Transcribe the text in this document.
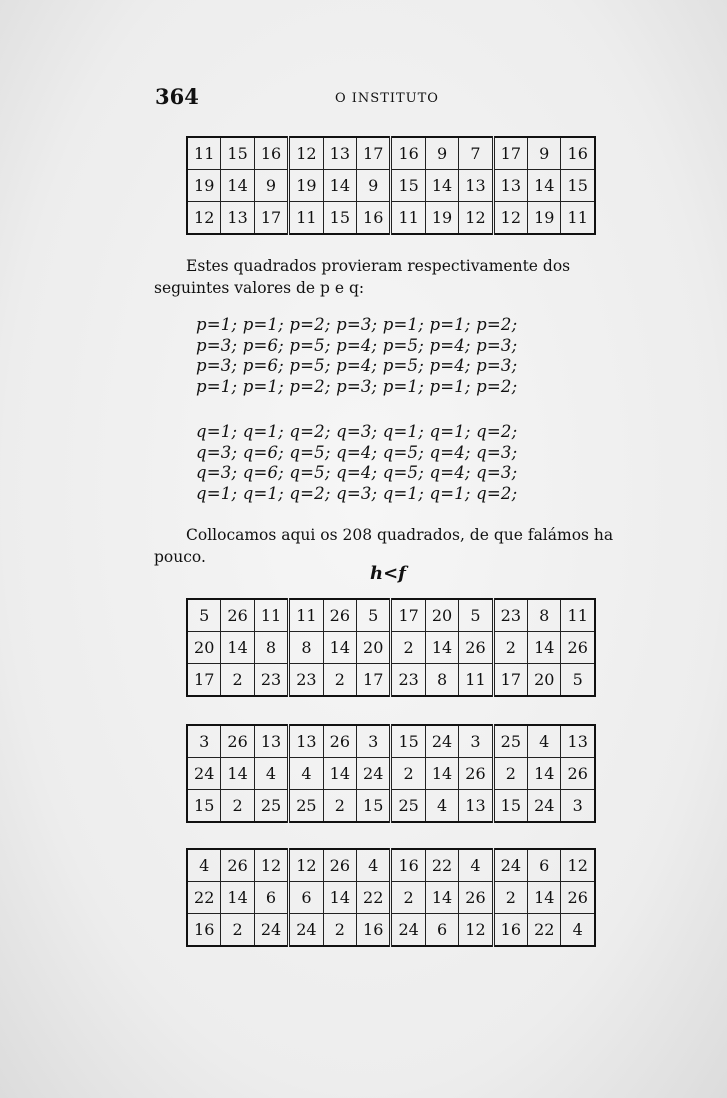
364	O INSTITUTO
11	15	16	12	13	17	16	9	7	17	9	16
19	14	9	19	14	9	15	14	13	13	14	15
12	13	17	11	15	16	11	19	12	12	19	11
Estes quadrados provieram respectivamente dos seguintes valores de p e q:
p=1; p=1; p=2; p=3; p=1; p=1; p=2;
p=3; p=6; p=5; p=4; p=5; p=4; p=3;
p=3; p=6; p=5; p=4; p=5; p=4; p=3;
p=1; p=1; p=2; p=3; p=1; p=1; p=2;
q=1; q=1; q=2; q=3; q=1; q=1; q=2;
q=3; q=6; q=5; q=4; q=5; q=4; q=3;
q=3; q=6; q=5; q=4; q=5; q=4; q=3;
q=1; q=1; q=2; q=3; q=1; q=1; q=2;
Collocamos aqui os 208 quadrados, de que falámos ha pouco.
h<f
5	26	11	11	26	5	17	20	5	23	8	11
20	14	8	8	14	20	2	14	26	2	14	26
17	2	23	23	2	17	23	8	11	17	20	5
3	26	13	13	26	3	15	24	3	25	4	13
24	14	4	4	14	24	2	14	26	2	14	26
15	2	25	25	2	15	25	4	13	15	24	3
4	26	12	12	26	4	16	22	4	24	6	12
22	14	6	6	14	22	2	14	26	2	14	26
16	2	24	24	2	16	24	6	12	16	22	4
